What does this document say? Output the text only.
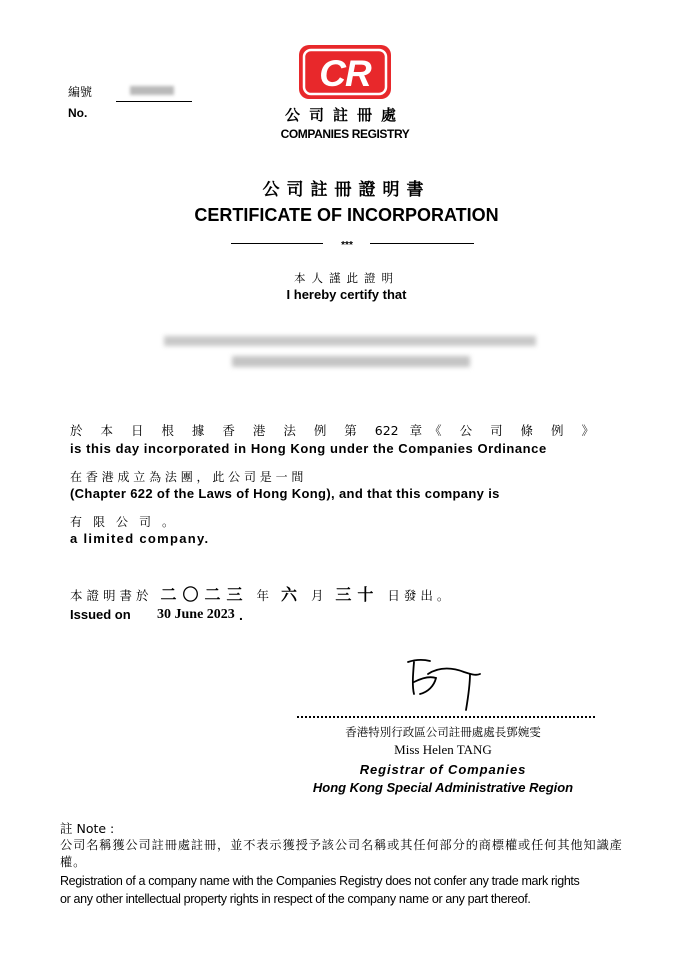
編號
No.
CR
公司註冊處
COMPANIES REGISTRY
公司註冊證明書
CERTIFICATE OF INCORPORATION
***
本人謹此證明
I hereby certify that
於 本 日 根 據 香 港 法 例 第 622 章《 公 司 條 例 》
is this day incorporated in Hong Kong under the Companies Ordinance
在 香 港 成 立 為 法 團 ， 此 公 司 是 一 間
(Chapter 622 of the Laws of Hong Kong), and that this company is
有限公司。
a limited company.
本證明書於 二〇二三 年 六 月 三十 日發出。
Issued on 30 June 2023 .
香港特別行政區公司註冊處處長鄧婉雯
Miss Helen TANG
Registrar of Companies
Hong Kong Special Administrative Region
註 Note :
公司名稱獲公司註冊處註冊，並不表示獲授予該公司名稱或其任何部分的商標權或任何其他知識產權。
Registration of a company name with the Companies Registry does not confer any trade mark rights
or any other intellectual property rights in respect of the company name or any part thereof.
